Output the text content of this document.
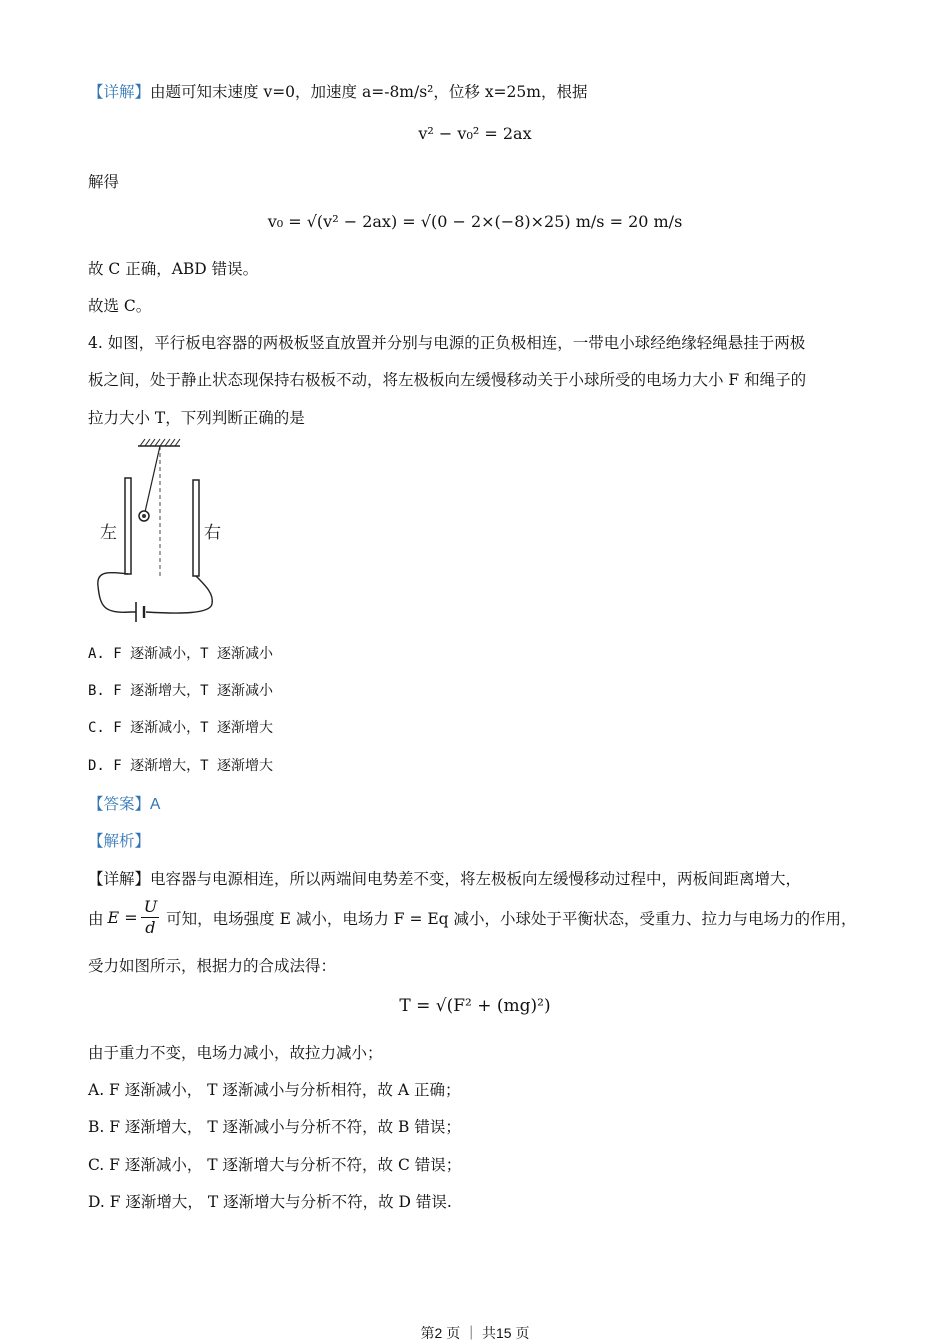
【详解】由题可知末速度 v=0，加速度 a=-8m/s²，位移 x=25m，根据
v² − v₀² = 2ax
解得
v₀ = √(v² − 2ax) = √(0 − 2×(−8)×25) m/s = 20 m/s
故 C 正确，ABD 错误。
故选 C。
4. 如图，平行板电容器的两极板竖直放置并分别与电源的正负极相连，一带电小球经绝缘轻绳悬挂于两极
板之间，处于静止状态现保持右极板不动，将左极板向左缓慢移动关于小球所受的电场力大小 F 和绳子的
拉力大小 T，下列判断正确的是
左	右
A. F 逐渐减小，T 逐渐减小
B. F 逐渐增大，T 逐渐减小
C. F 逐渐减小，T 逐渐增大
D. F 逐渐增大，T 逐渐增大
【答案】A
【解析】
【详解】电容器与电源相连，所以两端间电势差不变，将左极板向左缓慢移动过程中，两板间距离增大，
由 E =
U
d 可知，电场强度 E 减小，电场力 F = Eq 减小，小球处于平衡状态，受重力、拉力与电场力的作用，
受力如图所示，根据力的合成法得：
T = √(F² + (mg)²)
由于重力不变，电场力减小，故拉力减小；
A. F 逐渐减小， T 逐渐减小与分析相符，故 A 正确；
B. F 逐渐增大， T 逐渐减小与分析不符，故 B 错误；
C. F 逐渐减小， T 逐渐增大与分析不符，故 C 错误；
D. F 逐渐增大， T 逐渐增大与分析不符，故 D 错误.
第2 页 ｜ 共15 页
